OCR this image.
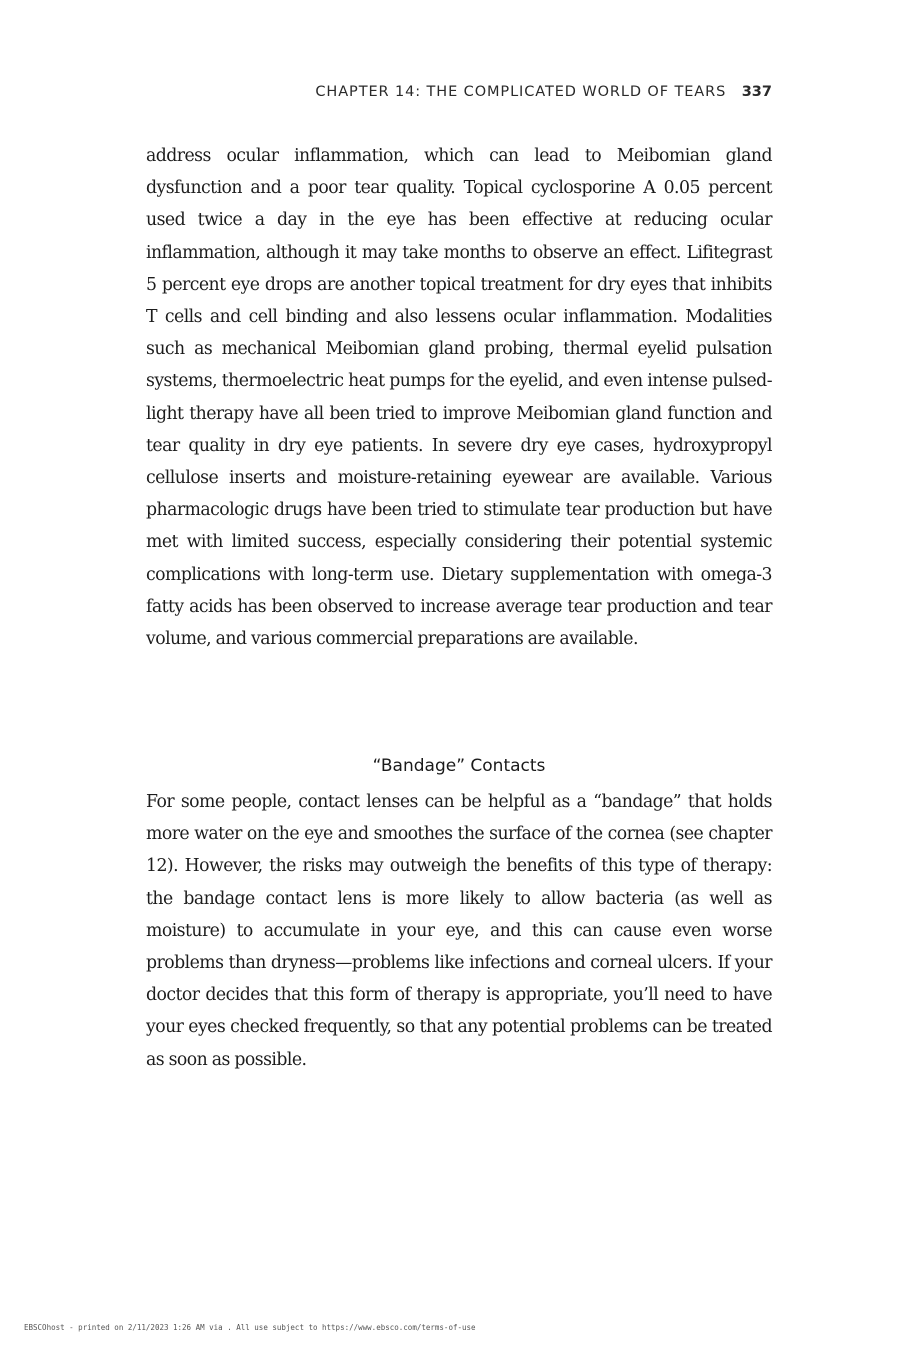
CHAPTER 14: THE COMPLICATED WORLD OF TEARS 337

address ocular inflammation, which can lead to Meibomian gland dysfunction and a poor tear quality. Topical cyclosporine A 0.05 percent used twice a day in the eye has been effective at reducing ocular inflammation, although it may take months to observe an effect. Lifitegrast 5 percent eye drops are another topical treatment for dry eyes that inhibits T cells and cell binding and also lessens ocular inflammation. Modalities such as mechanical Meibomian gland probing, thermal eyelid pulsation systems, thermoelectric heat pumps for the eyelid, and even intense pulsed-light therapy have all been tried to improve Meibomian gland function and tear quality in dry eye patients. In severe dry eye cases, hydroxypropyl cellulose inserts and moisture-retaining eyewear are available. Various pharmacologic drugs have been tried to stimulate tear production but have met with limited success, especially considering their potential systemic complications with long-term use. Dietary supplementation with omega-3 fatty acids has been observed to increase average tear production and tear volume, and various commercial preparations are available.

“Bandage” Contacts

For some people, contact lenses can be helpful as a “bandage” that holds more water on the eye and smoothes the surface of the cornea (see chapter 12). However, the risks may outweigh the benefits of this type of therapy: the bandage contact lens is more likely to allow bacteria (as well as moisture) to accumulate in your eye, and this can cause even worse problems than dryness—problems like infections and corneal ulcers. If your doctor decides that this form of therapy is appropriate, you’ll need to have your eyes checked frequently, so that any potential problems can be treated as soon as possible.

EBSCOhost - printed on 2/11/2023 1:26 AM via . All use subject to https://www.ebsco.com/terms-of-use
